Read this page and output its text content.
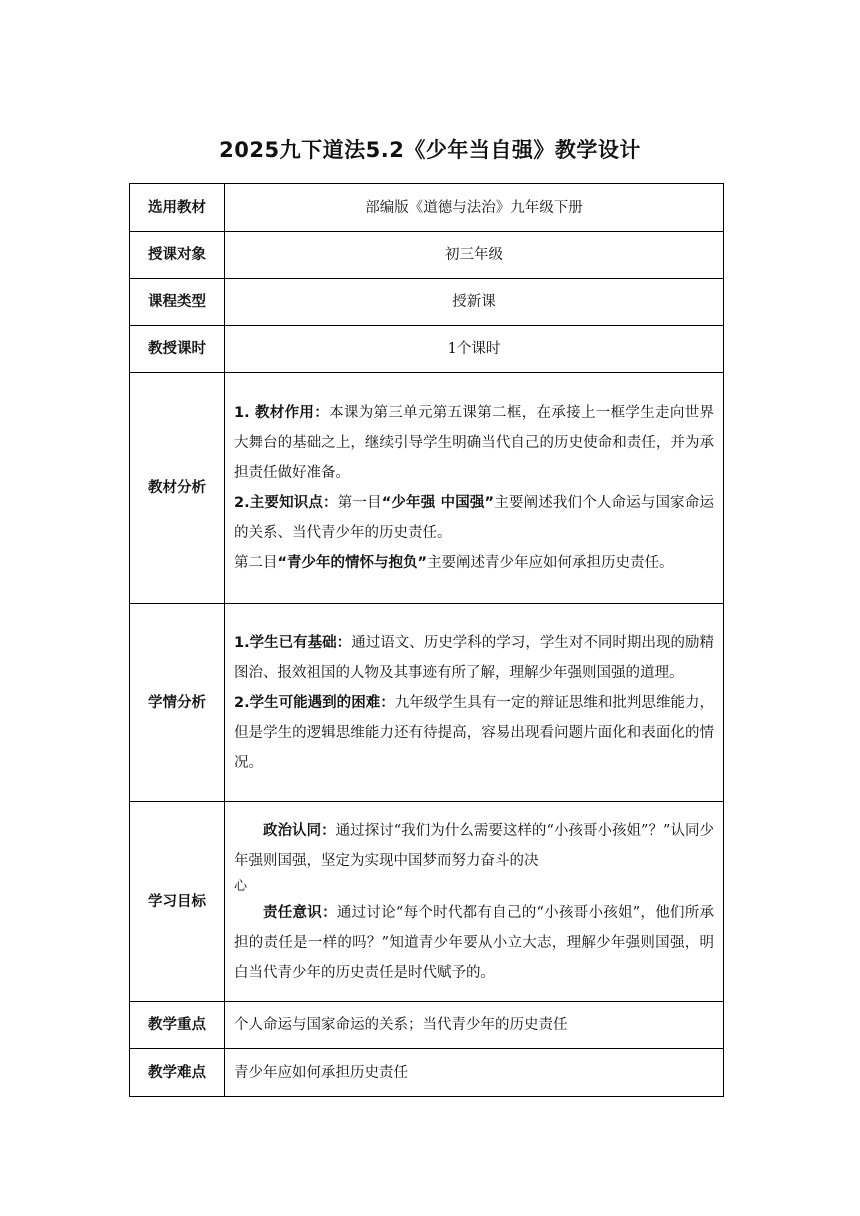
2025九下道法5.2《少年当自强》教学设计
选用教材	部编版《道德与法治》九年级下册
授课对象	初三年级
课程类型	授新课
教授课时	1个课时
教材分析	1. 教材作用：本课为第三单元第五课第二框，在承接上一框学生走向世界大舞台的基础之上，继续引导学生明确当代自己的历史使命和责任，并为承担责任做好准备。

2.主要知识点：第一目“少年强 中国强”主要阐述我们个人命运与国家命运的关系、当代青少年的历史责任。

第二目“青少年的情怀与抱负”主要阐述青少年应如何承担历史责任。

学情分析	1.学生已有基础：通过语文、历史学科的学习，学生对不同时期出现的励精图治、报效祖国的人物及其事迹有所了解，理解少年强则国强的道理。

2.学生可能遇到的困难：九年级学生具有一定的辩证思维和批判思维能力，但是学生的逻辑思维能力还有待提高，容易出现看问题片面化和表面化的情况。

学习目标	政治认同：通过探讨“我们为什么需要这样的“小孩哥小孩姐”？”认同少年强则国强，坚定为实现中国梦而努力奋斗的决

心

责任意识：通过讨论“每个时代都有自己的“小孩哥小孩姐”，他们所承担的责任是一样的吗？”知道青少年要从小立大志，理解少年强则国强，明白当代青少年的历史责任是时代赋予的。

教学重点	个人命运与国家命运的关系；当代青少年的历史责任
教学难点	青少年应如何承担历史责任
